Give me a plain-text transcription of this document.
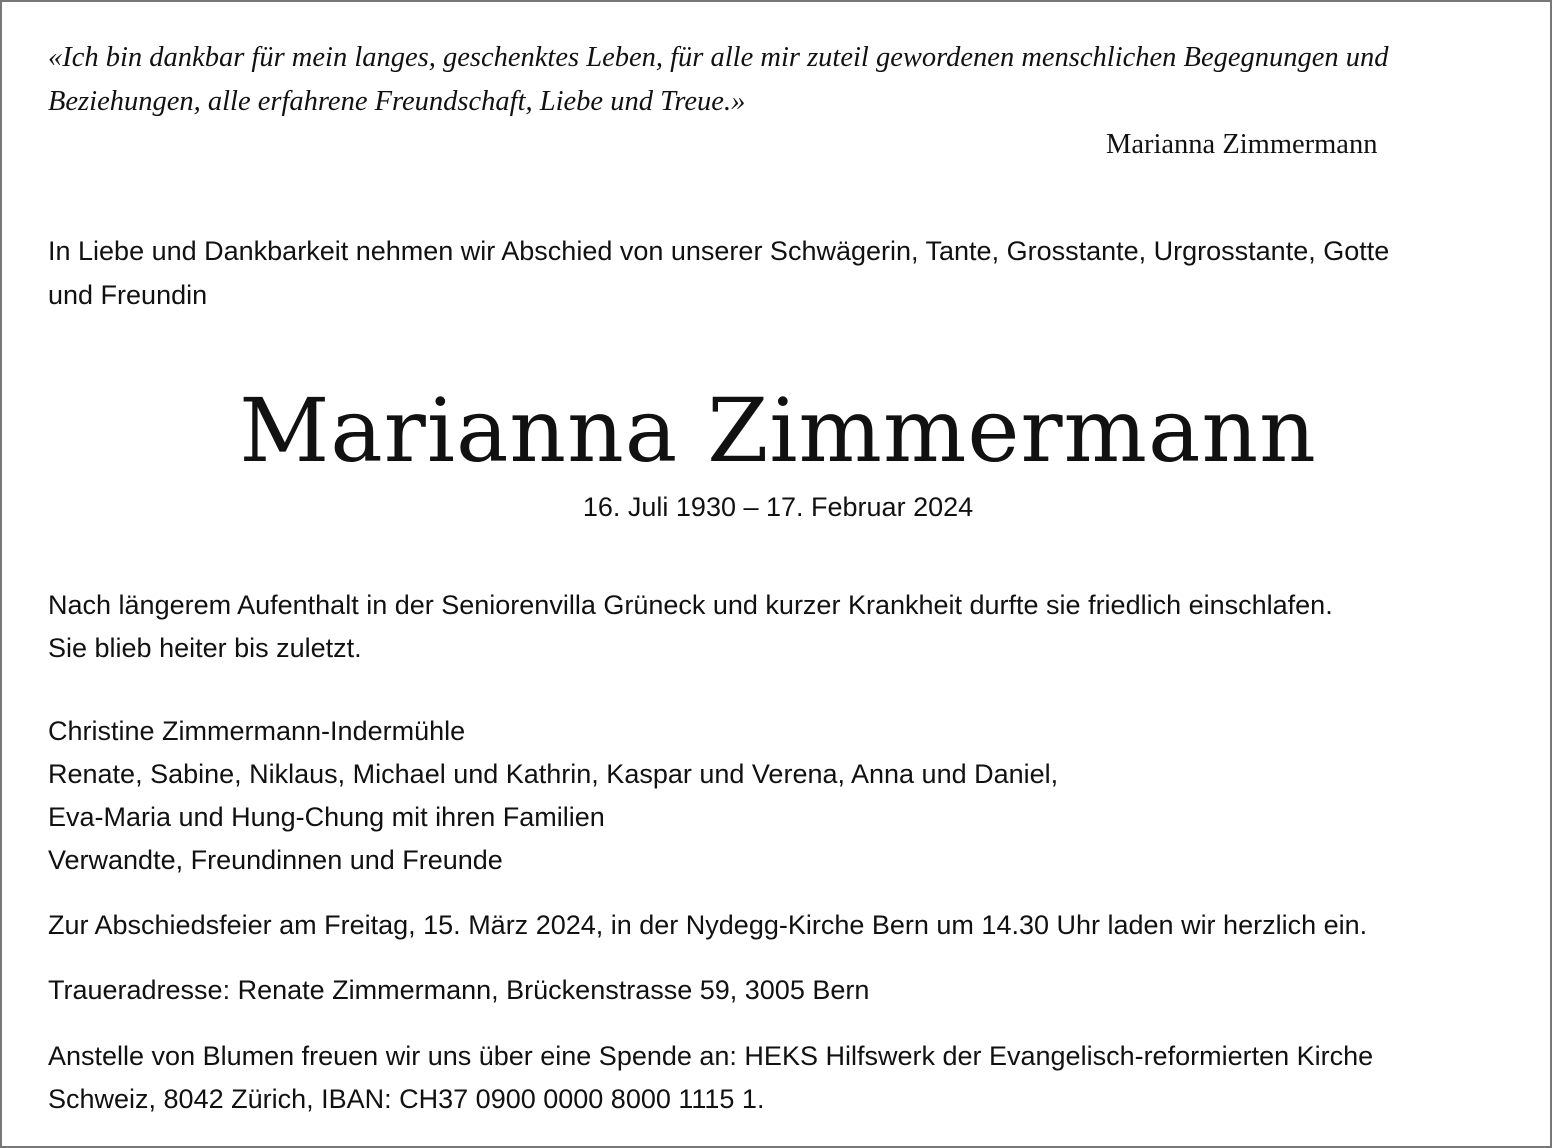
«Ich bin dankbar für mein langes, geschenktes Leben, für alle mir zuteil gewordenen menschlichen Begegnungen und
Beziehungen, alle erfahrene Freundschaft, Liebe und Treue.»
Marianna Zimmermann
In Liebe und Dankbarkeit nehmen wir Abschied von unserer Schwägerin, Tante, Grosstante, Urgrosstante, Gotte
und Freundin
Marianna Zimmermann
16. Juli 1930 – 17. Februar 2024
Nach längerem Aufenthalt in der Seniorenvilla Grüneck und kurzer Krankheit durfte sie friedlich einschlafen.
Sie blieb heiter bis zuletzt.
Christine Zimmermann-Indermühle
Renate, Sabine, Niklaus, Michael und Kathrin, Kaspar und Verena, Anna und Daniel,
Eva-Maria und Hung-Chung mit ihren Familien
Verwandte, Freundinnen und Freunde
Zur Abschiedsfeier am Freitag, 15. März 2024, in der Nydegg-Kirche Bern um 14.30 Uhr laden wir herzlich ein.
Traueradresse: Renate Zimmermann, Brückenstrasse 59, 3005 Bern
Anstelle von Blumen freuen wir uns über eine Spende an: HEKS Hilfswerk der Evangelisch-reformierten Kirche
Schweiz, 8042 Zürich, IBAN: CH37 0900 0000 8000 1115 1.
